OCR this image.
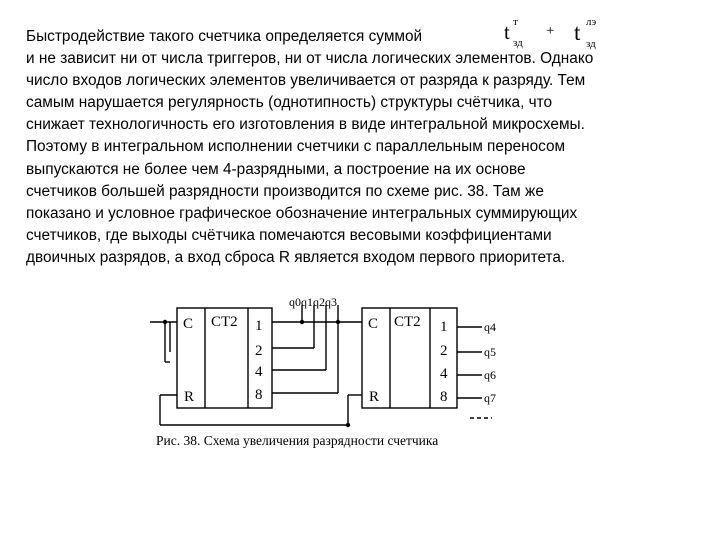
Быстродействие такого счетчика определяется суммой
и не зависит ни от числа триггеров, ни от числа логических элементов. Однако
число входов логических элементов увеличивается от разряда к разряду. Тем
самым нарушается регулярность (однотипность) структуры счётчика, что
снижает технологичность его изготовления в виде интегральной микросхемы.
Поэтому в интегральном исполнении счетчики с параллельным переносом
выпускаются не более чем 4-разрядными, а построение на их основе
счетчиков большей разрядности производится по схеме рис. 38. Там же
показано и условное графическое обозначение интегральных суммирующих
счетчиков, где выходы счётчика помечаются весовыми коэффициентами
двоичных разрядов, а вход сброса R является входом первого приоритета.
t т
зд
+ t лэ
зд
C CT2
R
1
2
4
8
C CT2
R
1
2
4
8
q0q1q2q3
q4
q5
q6
q7
Рис. 38. Схема увеличения разрядности счетчика
